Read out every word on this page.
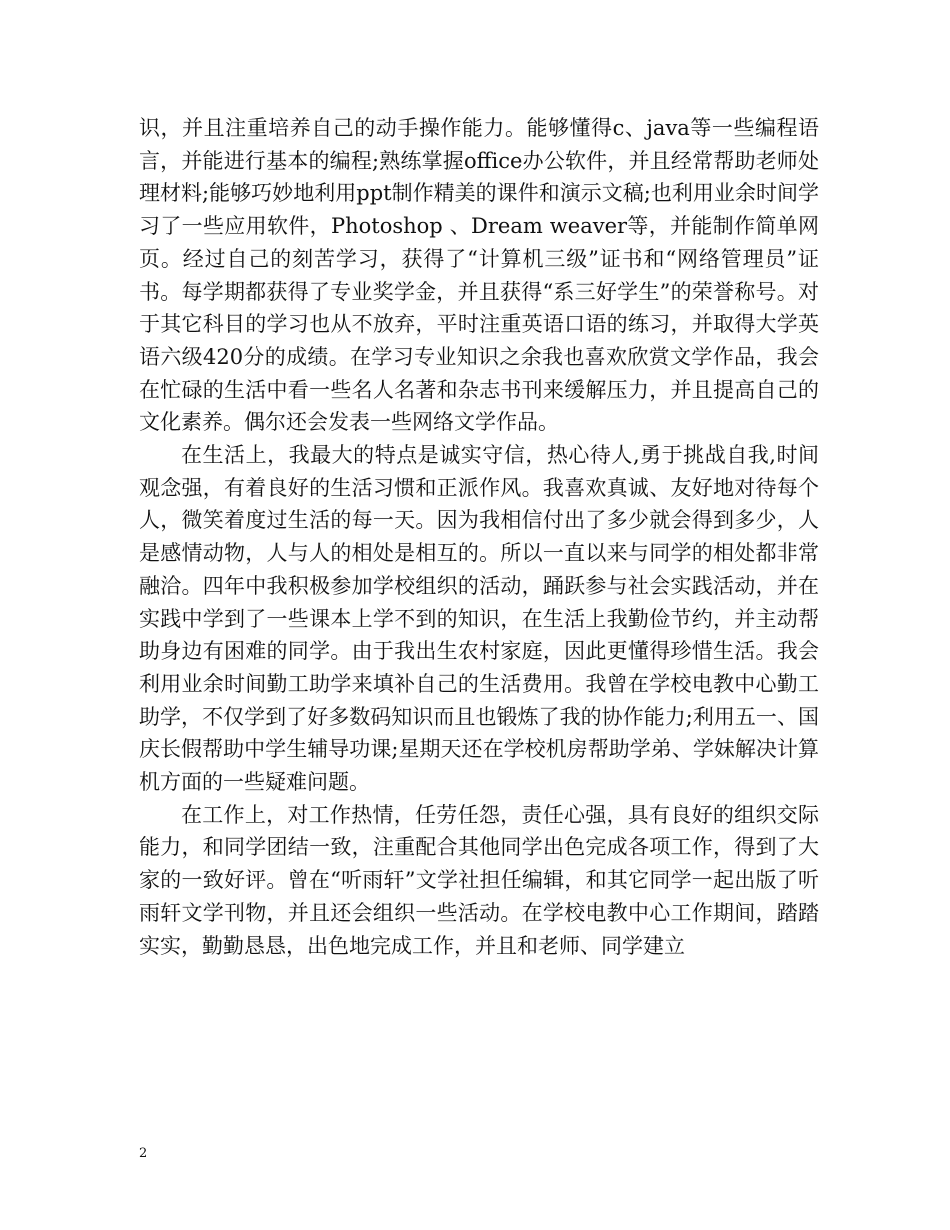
识，并且注重培养自己的动手操作能力。能够懂得c、java等一些编程语言，并能进行基本的编程;熟练掌握office办公软件，并且经常帮助老师处理材料;能够巧妙地利用ppt制作精美的课件和演示文稿;也利用业余时间学习了一些应用软件，Photoshop 、Dream weaver等，并能制作简单网页。经过自己的刻苦学习，获得了“计算机三级”证书和“网络管理员”证书。每学期都获得了专业奖学金，并且获得“系三好学生”的荣誉称号。对于其它科目的学习也从不放弃，平时注重英语口语的练习，并取得大学英语六级420分的成绩。在学习专业知识之余我也喜欢欣赏文学作品，我会在忙碌的生活中看一些名人名著和杂志书刊来缓解压力，并且提高自己的文化素养。偶尔还会发表一些网络文学作品。

在生活上，我最大的特点是诚实守信，热心待人,勇于挑战自我,时间观念强，有着良好的生活习惯和正派作风。我喜欢真诚、友好地对待每个人，微笑着度过生活的每一天。因为我相信付出了多少就会得到多少，人是感情动物，人与人的相处是相互的。所以一直以来与同学的相处都非常融洽。四年中我积极参加学校组织的活动，踊跃参与社会实践活动，并在实践中学到了一些课本上学不到的知识，在生活上我勤俭节约，并主动帮助身边有困难的同学。由于我出生农村家庭，因此更懂得珍惜生活。我会利用业余时间勤工助学来填补自己的生活费用。我曾在学校电教中心勤工助学，不仅学到了好多数码知识而且也锻炼了我的协作能力;利用五一、国庆长假帮助中学生辅导功课;星期天还在学校机房帮助学弟、学妹解决计算机方面的一些疑难问题。

在工作上，对工作热情，任劳任怨，责任心强，具有良好的组织交际能力，和同学团结一致，注重配合其他同学出色完成各项工作，得到了大家的一致好评。曾在“听雨轩”文学社担任编辑，和其它同学一起出版了听雨轩文学刊物，并且还会组织一些活动。在学校电教中心工作期间，踏踏实实，勤勤恳恳，出色地完成工作，并且和老师、同学建立

2
